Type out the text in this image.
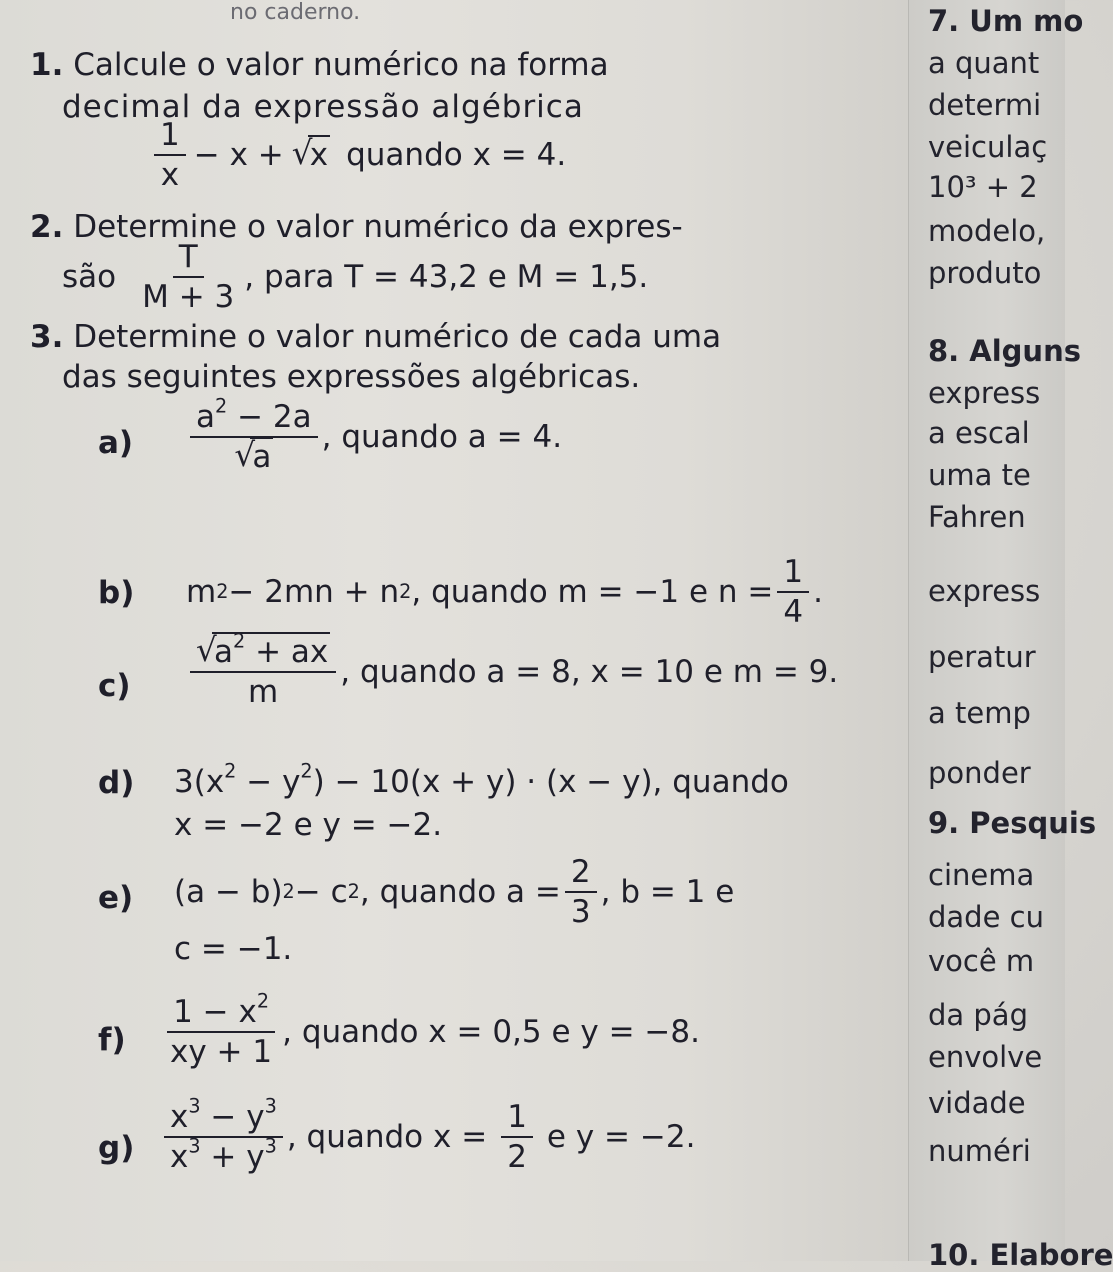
no caderno.
1. Calcule o valor numérico na forma
decimal da expressão algébrica
$\frac{1}{x} - x$ + √ x quando x = 4.
2. Determine o valor numérico da expres-
são $\frac{T}{M + 3}$ , para T = 43,2 e M = 1,5.
3. Determine o valor numérico de cada uma
das seguintes expressões algébricas.
a) $a^2 - 2a$
√ a , quando a = 4.
b) m 2 − 2mn + n 2 , quando m = −1 e $n = \frac{1}{4}$ .
c) √ $\frac{a^2 + ax}{m}$ , quando a = 8, x = 10 e m = 9.
d) $3(x^2 - y^2) - 10(x + y) \cdot (x - y)$, quando
x = −2 e y = −2.
e) (a − b) 2 − c 2 , quando $a = \frac{2}{3}$ , b = 1 e
c = −1.
$f) \frac{1 - x^2}{xy + 1}$ , quando x = 0,5 e y = −8.
$g) \frac{x^3 - y^3}{x^3 + y^3}$ , quando $x = \frac{1}{2}$ e y = −2.
7. Um mo
a quant
determi
veiculaç
10³ + 2
modelo,
produto
8. Alguns
express
a escal
uma te
Fahren
express
peratur
a temp
ponder
9. Pesquis
cinema
dade cu
você m
da pág
envolve
vidade
numéri
10. Elabore
